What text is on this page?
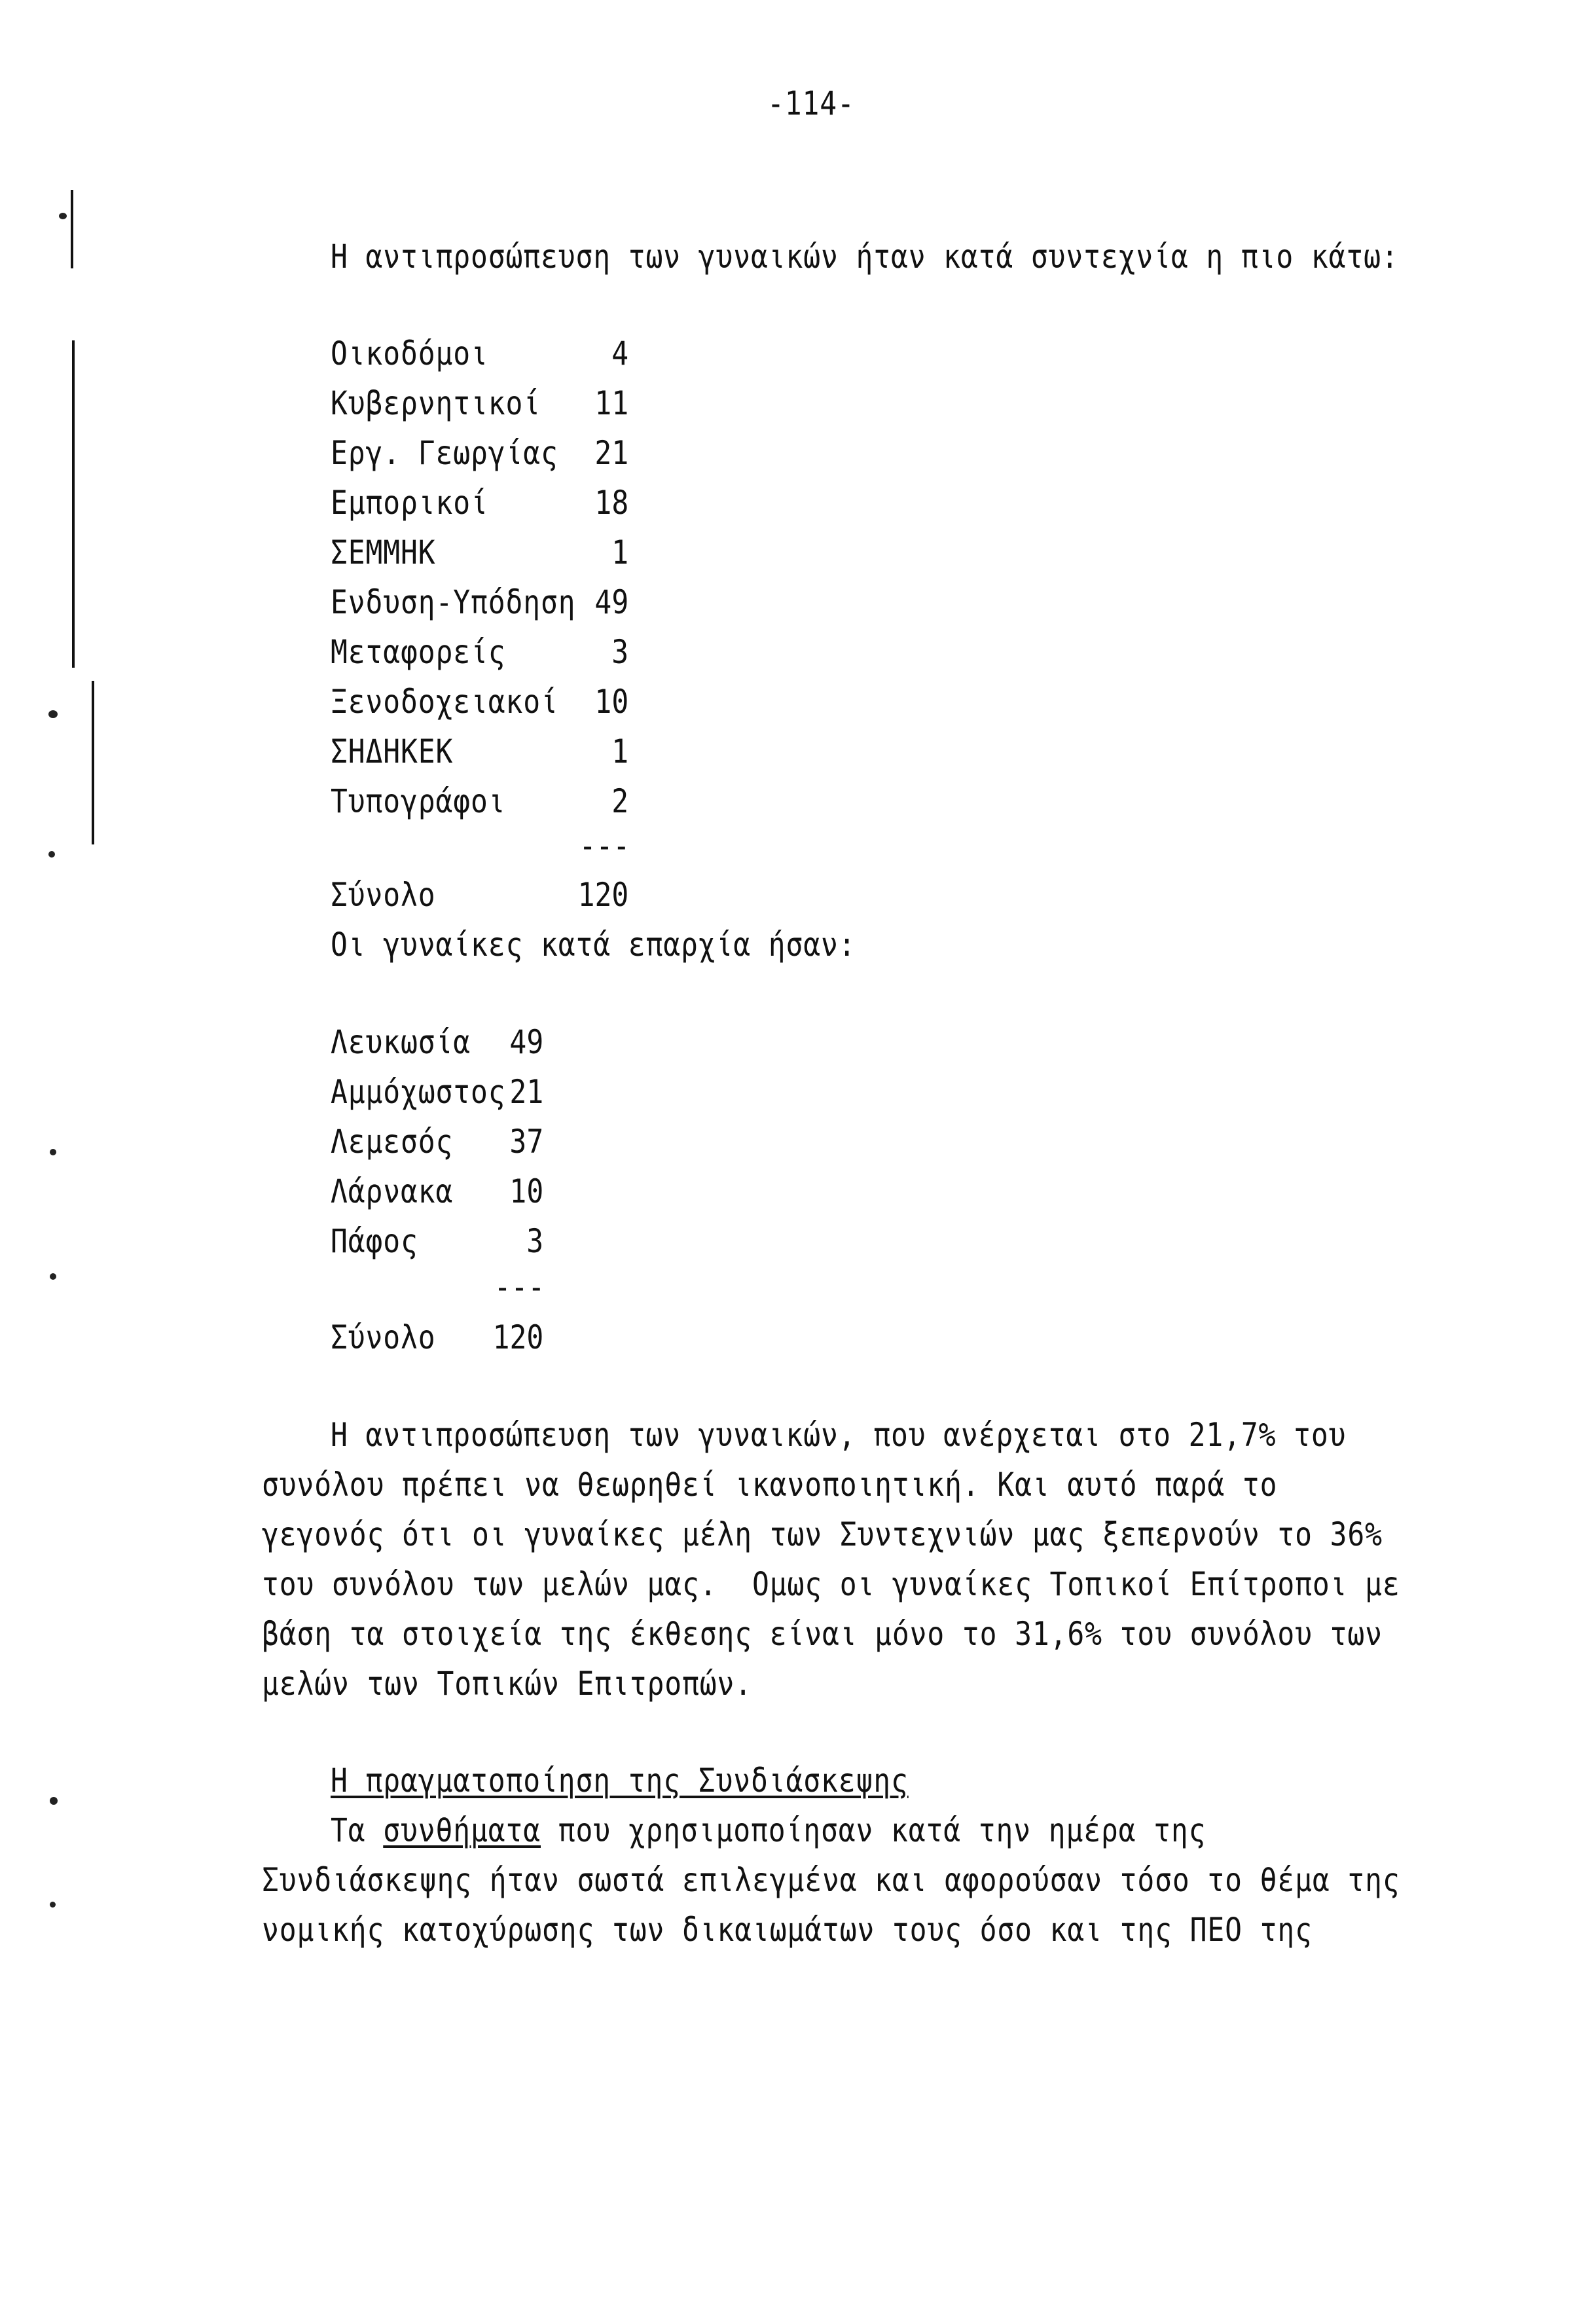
-114-
Η αντιπροσώπευση των γυναικών ήταν κατά συντεχνία η πιο κάτω:
Οικοδόμοι	4
Κυβερνητικοί 11
Εργ. Γεωργίας 21
Εμπορικοί	18
ΣΕΜΜΗΚ	1
Ενδυση-Υπόδηση 49
Μεταφορείς	3
Ξενοδοχειακοί 10
ΣΗΔΗΚΕΚ	1
Τυπογράφοι	2
---
Σύνολο	120
Οι γυναίκες κατά επαρχία ήσαν:
Λευκωσία 49
Αμμόχωστος 21
Λεμεσός 37
Λάρνακα 10
Πάφος	3
---
Σύνολο 120
Η αντιπροσώπευση των γυναικών, που ανέρχεται στο 21,7% του
συνόλου πρέπει να θεωρηθεί ικανοποιητική. Και αυτό παρά το
γεγονός ότι οι γυναίκες μέλη των Συντεχνιών μας ξεπερνούν το 36%
του συνόλου των μελών μας.  Ομως οι γυναίκες Τοπικοί Επίτροποι με
βάση τα στοιχεία της έκθεσης είναι μόνο το 31,6% του συνόλου των
μελών των Τοπικών Επιτροπών.
Η πραγματοποίηση της Συνδιάσκεψης
Τα συνθήματα που χρησιμοποίησαν κατά την ημέρα της
Συνδιάσκεψης ήταν σωστά επιλεγμένα και αφορούσαν τόσο το θέμα της
νομικής κατοχύρωσης των δικαιωμάτων τους όσο και της ΠΕΟ της
